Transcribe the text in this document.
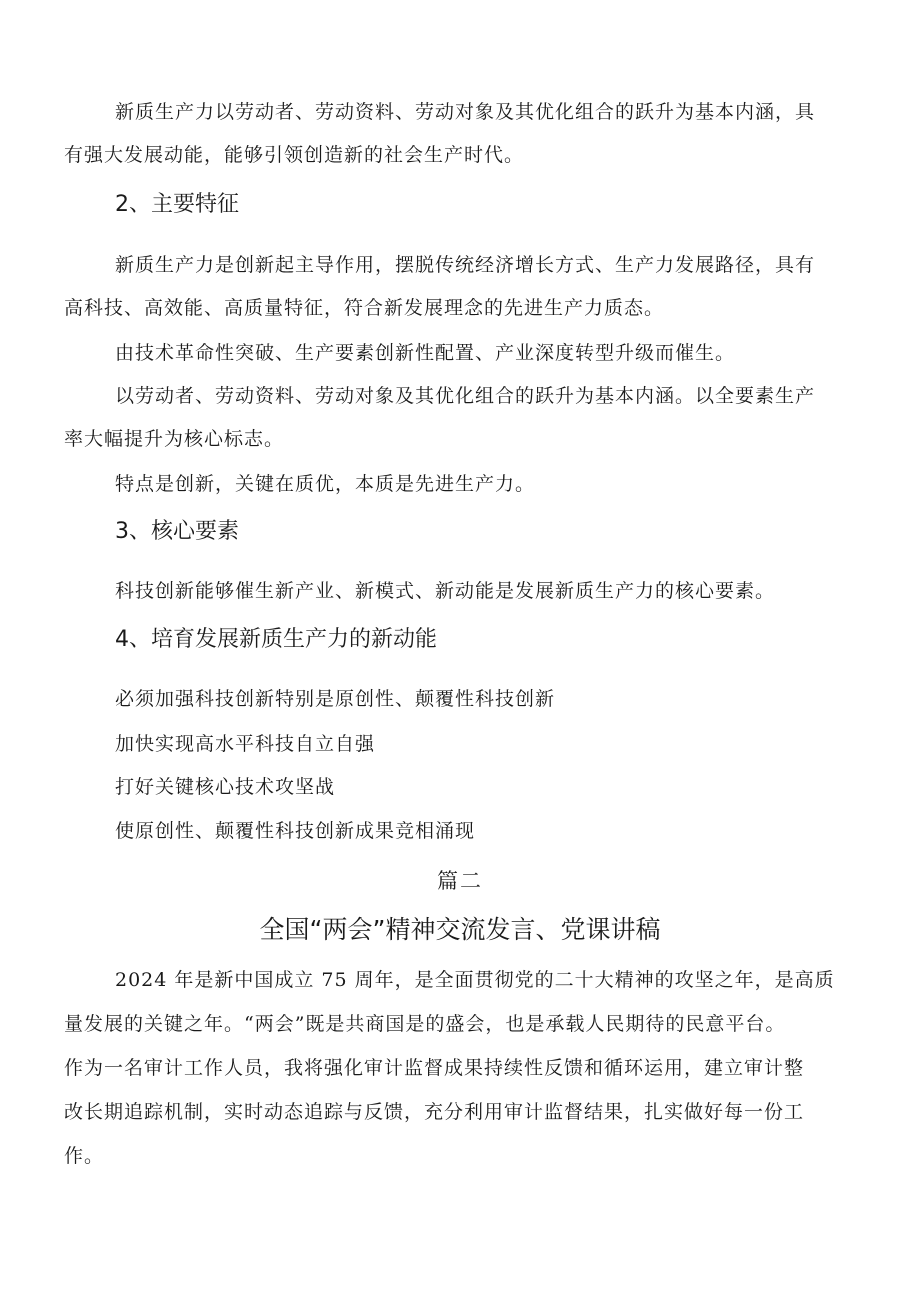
新质生产力以劳动者、劳动资料、劳动对象及其优化组合的跃升为基本内涵，具
有强大发展动能，能够引领创造新的社会生产时代。
2、主要特征
新质生产力是创新起主导作用，摆脱传统经济增长方式、生产力发展路径，具有
高科技、高效能、高质量特征，符合新发展理念的先进生产力质态。
由技术革命性突破、生产要素创新性配置、产业深度转型升级而催生。
以劳动者、劳动资料、劳动对象及其优化组合的跃升为基本内涵。以全要素生产
率大幅提升为核心标志。
特点是创新，关键在质优，本质是先进生产力。
3、核心要素
科技创新能够催生新产业、新模式、新动能是发展新质生产力的核心要素。
4、培育发展新质生产力的新动能
必须加强科技创新特别是原创性、颠覆性科技创新
加快实现高水平科技自立自强
打好关键核心技术攻坚战
使原创性、颠覆性科技创新成果竞相涌现
篇二
全国“两会”精神交流发言、党课讲稿
2024 年是新中国成立 75 周年，是全面贯彻党的二十大精神的攻坚之年，是高质
量发展的关键之年。“两会”既是共商国是的盛会，也是承载人民期待的民意平台。
作为一名审计工作人员，我将强化审计监督成果持续性反馈和循环运用，建立审计整
改长期追踪机制，实时动态追踪与反馈，充分利用审计监督结果，扎实做好每一份工
作。
